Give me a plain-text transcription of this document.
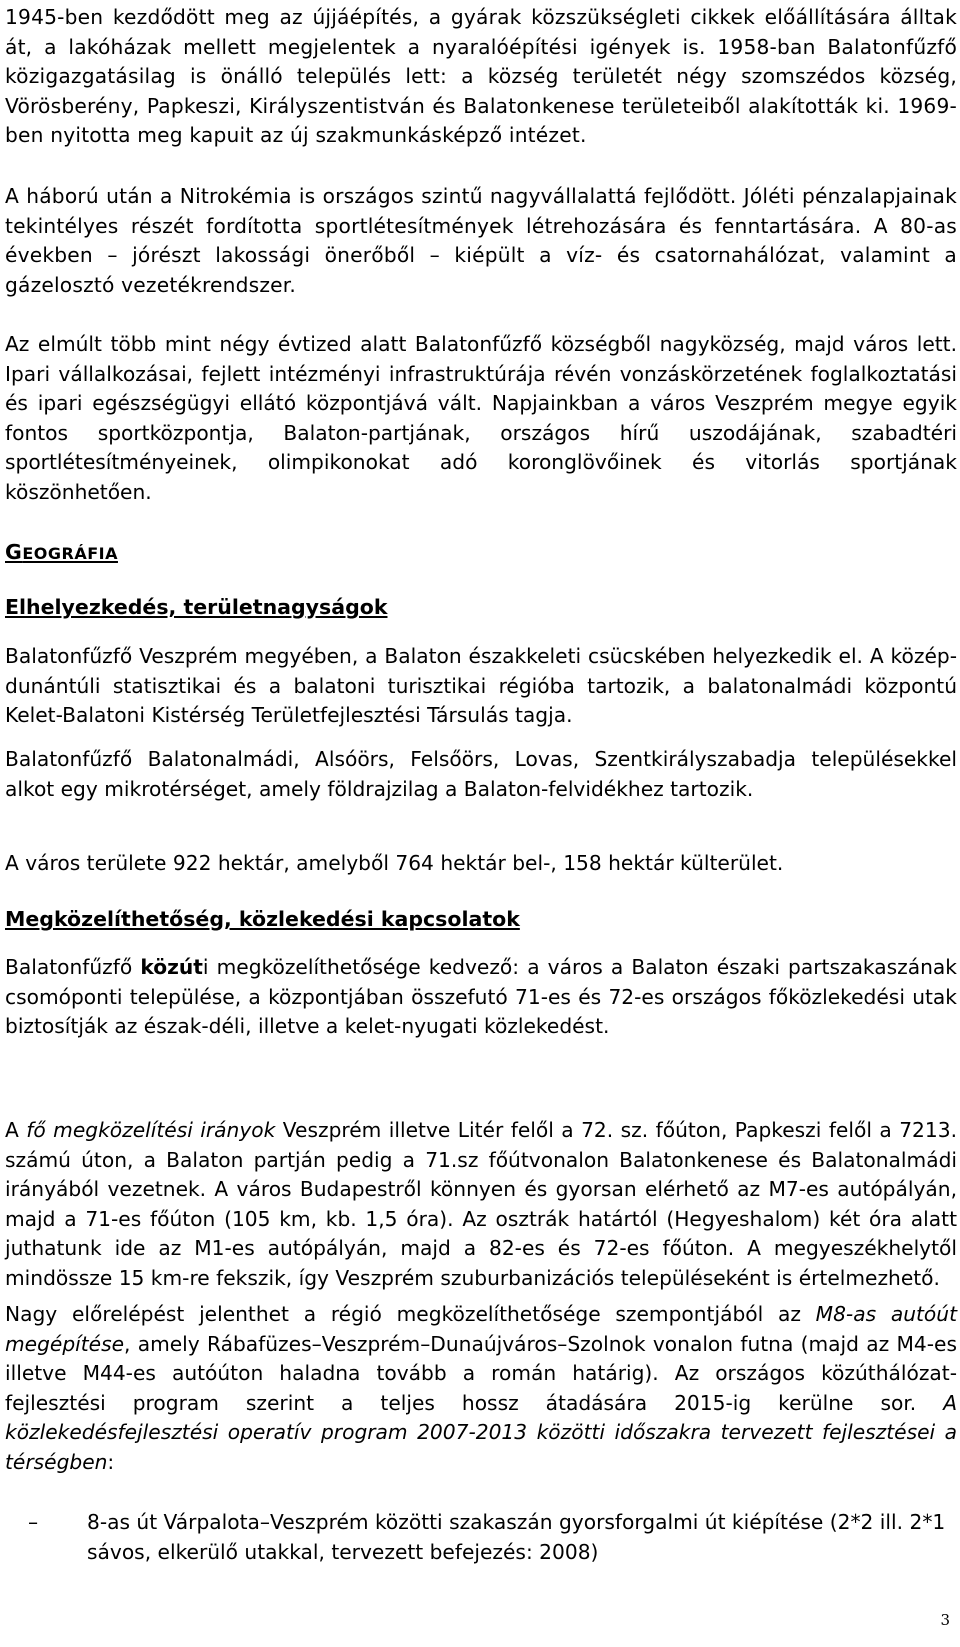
1945-ben kezdődött meg az újjáépítés, a gyárak közszükségleti cikkek előállítására álltak át, a lakóházak mellett megjelentek a nyaralóépítési igények is. 1958-ban Balatonfűzfő közigazgatásilag is önálló település lett: a község területét négy szomszédos község, Vörösberény, Papkeszi, Királyszentistván és Balatonkenese területeiből alakították ki. 1969-ben nyitotta meg kapuit az új szakmunkásképző intézet.

A háború után a Nitrokémia is országos szintű nagyvállalattá fejlődött. Jóléti pénzalapjainak tekintélyes részét fordította sportlétesítmények létrehozására és fenntartására. A 80-as években – jórészt lakossági önerőből – kiépült a víz- és csatornahálózat, valamint a gázelosztó vezetékrendszer.

Az elmúlt több mint négy évtized alatt Balatonfűzfő községből nagyközség, majd város lett. Ipari vállalkozásai, fejlett intézményi infrastruktúrája révén vonzáskörzetének foglalkoztatási és ipari egészségügyi ellátó központjává vált. Napjainkban a város Veszprém megye egyik fontos sportközpontja, Balaton-partjának, országos hírű uszodájának, szabadtéri sportlétesítményeinek, olimpikonokat adó koronglövőinek és vitorlás sportjának köszönhetően.

GEOGRÁFIA
Elhelyezkedés, területnagyságok

Balatonfűzfő Veszprém megyében, a Balaton északkeleti csücskében helyezkedik el. A közép-dunántúli statisztikai és a balatoni turisztikai régióba tartozik, a balatonalmádi központú Kelet-Balatoni Kistérség Területfejlesztési Társulás tagja.

Balatonfűzfő Balatonalmádi, Alsóörs, Felsőörs, Lovas, Szentkirályszabadja településekkel alkot egy mikrotérséget, amely földrajzilag a Balaton-felvidékhez tartozik.

A város területe 922 hektár, amelyből 764 hektár bel-, 158 hektár külterület.

Megközelíthetőség, közlekedési kapcsolatok

Balatonfűzfő közúti megközelíthetősége kedvező: a város a Balaton északi partszakaszának csomóponti települése, a központjában összefutó 71-es és 72-es országos főközlekedési utak biztosítják az észak-déli, illetve a kelet-nyugati közlekedést.

A fő megközelítési irányok Veszprém illetve Litér felől a 72. sz. főúton, Papkeszi felől a 7213. számú úton, a Balaton partján pedig a 71.sz főútvonalon Balatonkenese és Balatonalmádi irányából vezetnek. A város Budapestről könnyen és gyorsan elérhető az M7-es autópályán, majd a 71-es főúton (105 km, kb. 1,5 óra). Az osztrák határtól (Hegyeshalom) két óra alatt juthatunk ide az M1-es autópályán, majd a 82-es és 72-es főúton. A megyeszékhelytől mindössze 15 km-re fekszik, így Veszprém szuburbanizációs településeként is értelmezhető.

Nagy előrelépést jelenthet a régió megközelíthetősége szempontjából az M8-as autóút megépítése, amely Rábafüzes–Veszprém–Dunaújváros–Szolnok vonalon futna (majd az M4-es illetve M44-es autóúton haladna tovább a román határig). Az országos közúthálózat-fejlesztési program szerint a teljes hossz átadására 2015-ig kerülne sor. A közlekedésfejlesztési operatív program 2007-2013 közötti időszakra tervezett fejlesztései a térségben:

– 8-as út Várpalota–Veszprém közötti szakaszán gyorsforgalmi út kiépítése (2*2 ill. 2*1 sávos, elkerülő utakkal, tervezett befejezés: 2008)
3
